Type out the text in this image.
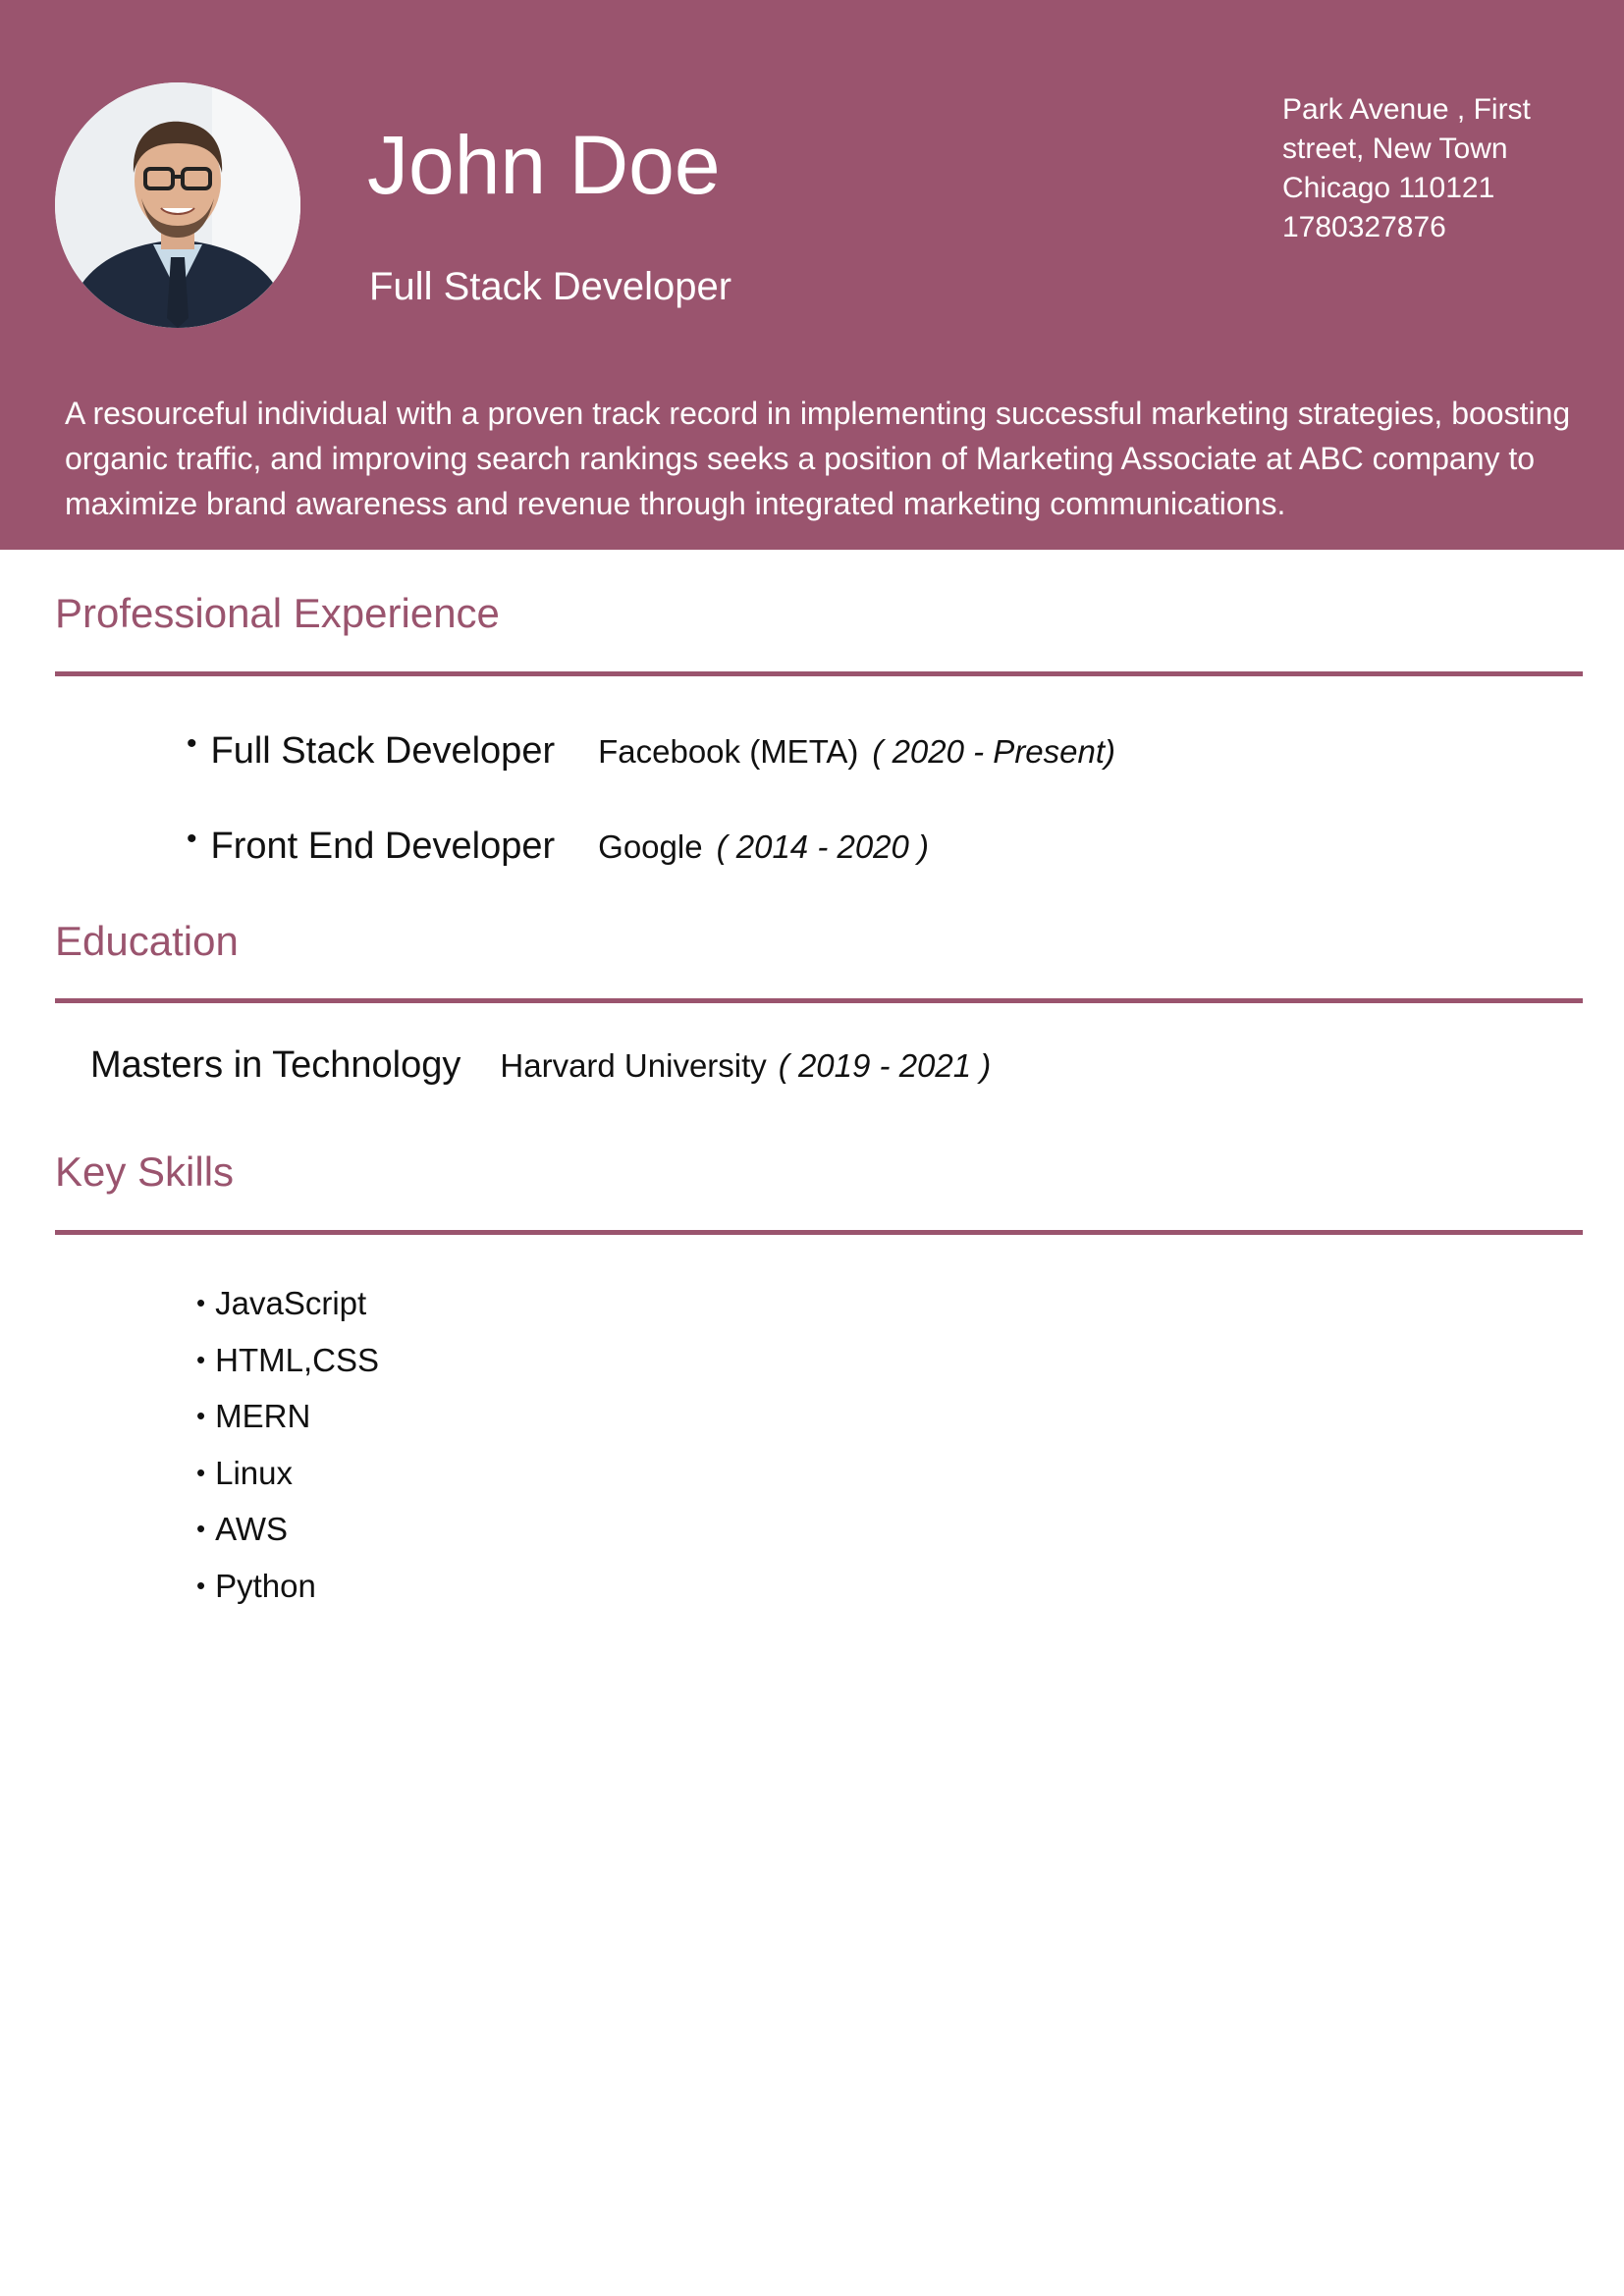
John Doe
Full Stack Developer
Park Avenue , First
street, New Town
Chicago 110121
1780327876
A resourceful individual with a proven track record in implementing successful marketing strategies, boosting organic traffic, and improving search rankings seeks a position of Marketing Associate at ABC company to maximize brand awareness and revenue through integrated marketing communications.
Professional Experience
• Full Stack Developer Facebook (META) ( 2020 - Present)
• Front End Developer Google ( 2014 - 2020 )
Education
Masters in Technology Harvard University ( 2019 - 2021 )
Key Skills
• JavaScript
• HTML,CSS
• MERN
• Linux
• AWS
• Python
